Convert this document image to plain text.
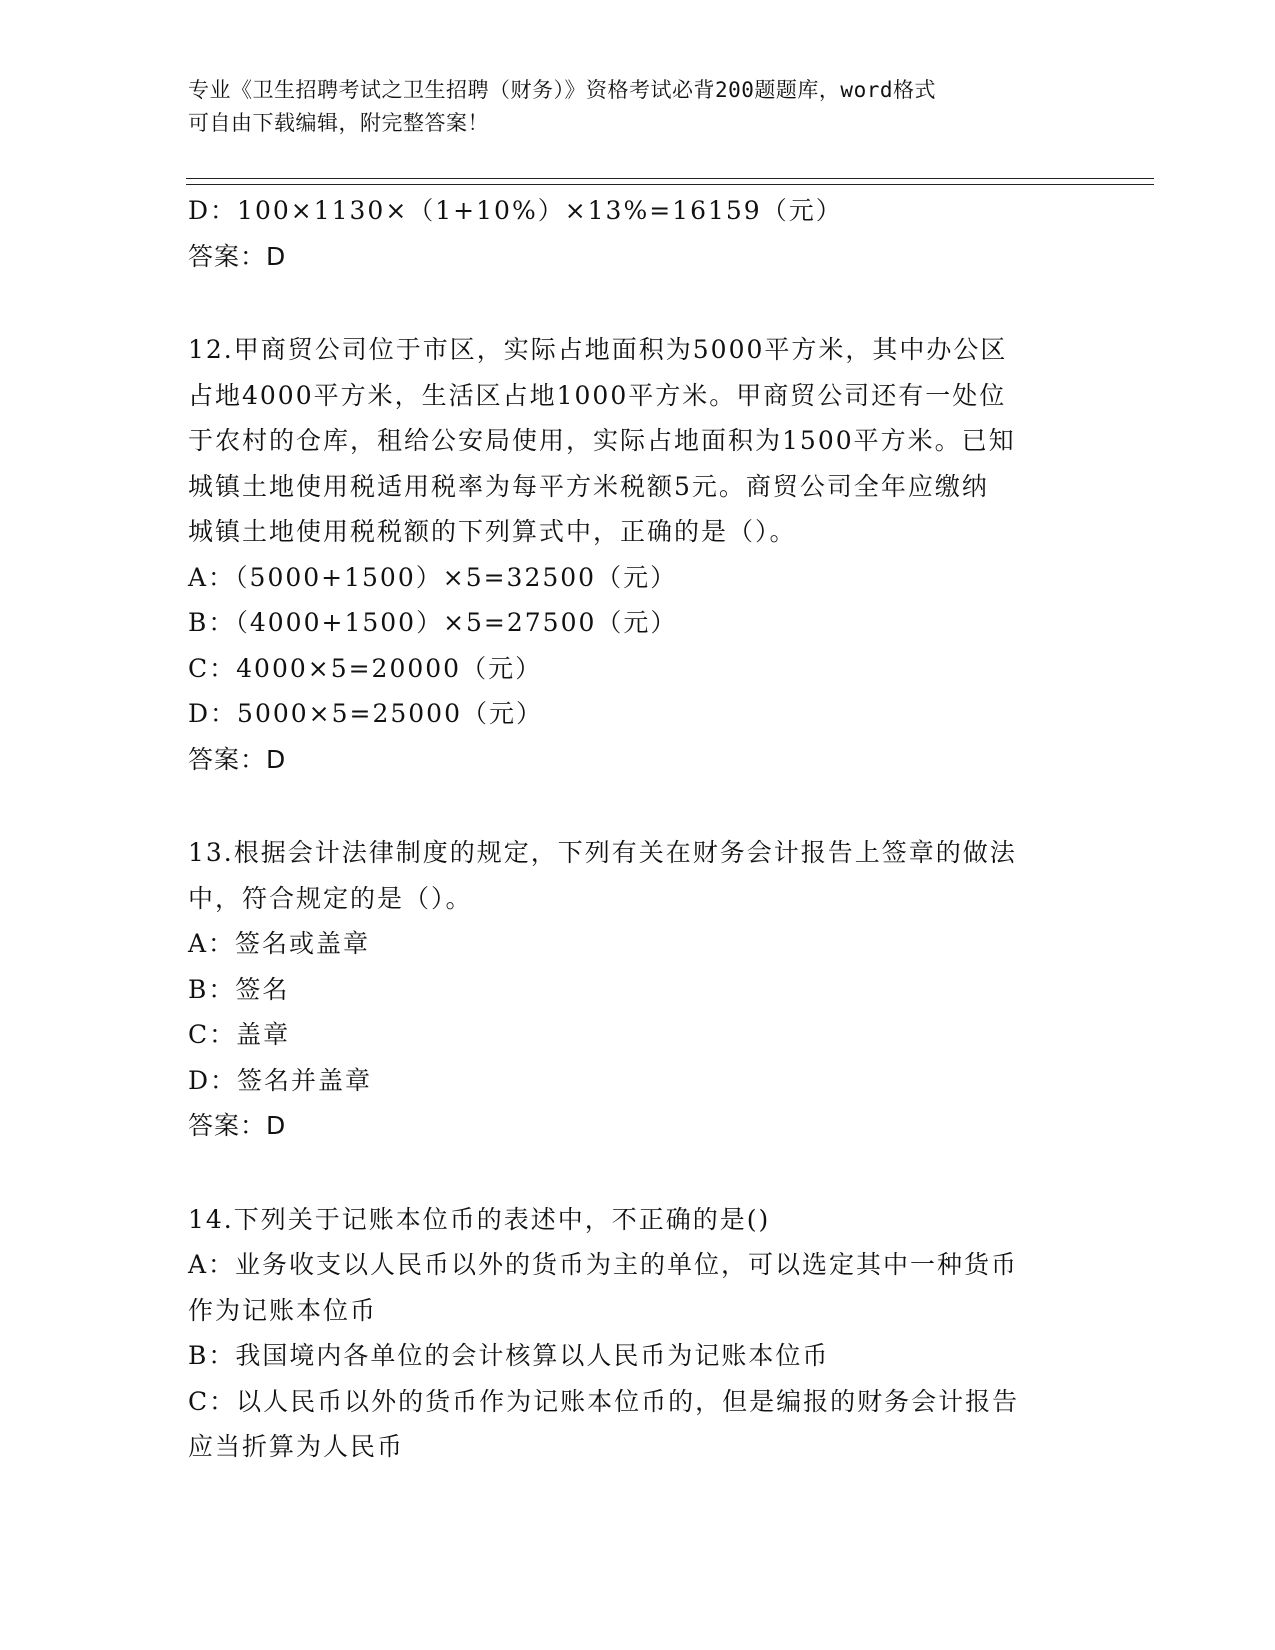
专业《卫生招聘考试之卫生招聘（财务）》资格考试必背200题题库，word格式
可自由下载编辑，附完整答案！
D：100×1130×（1+10%）×13%=16159（元）
答案：D
12.甲商贸公司位于市区，实际占地面积为5000平方米，其中办公区
占地4000平方米，生活区占地1000平方米。甲商贸公司还有一处位
于农村的仓库，租给公安局使用，实际占地面积为1500平方米。已知
城镇土地使用税适用税率为每平方米税额5元。商贸公司全年应缴纳
城镇土地使用税税额的下列算式中，正确的是（）。
A：（5000+1500）×5=32500（元）
B：（4000+1500）×5=27500（元）
C：4000×5=20000（元）
D：5000×5=25000（元）
答案：D
13.根据会计法律制度的规定，下列有关在财务会计报告上签章的做法
中，符合规定的是（）。
A：签名或盖章
B：签名
C：盖章
D：签名并盖章
答案：D
14.下列关于记账本位币的表述中，不正确的是()
A：业务收支以人民币以外的货币为主的单位，可以选定其中一种货币
作为记账本位币
B：我国境内各单位的会计核算以人民币为记账本位币
C：以人民币以外的货币作为记账本位币的，但是编报的财务会计报告
应当折算为人民币
